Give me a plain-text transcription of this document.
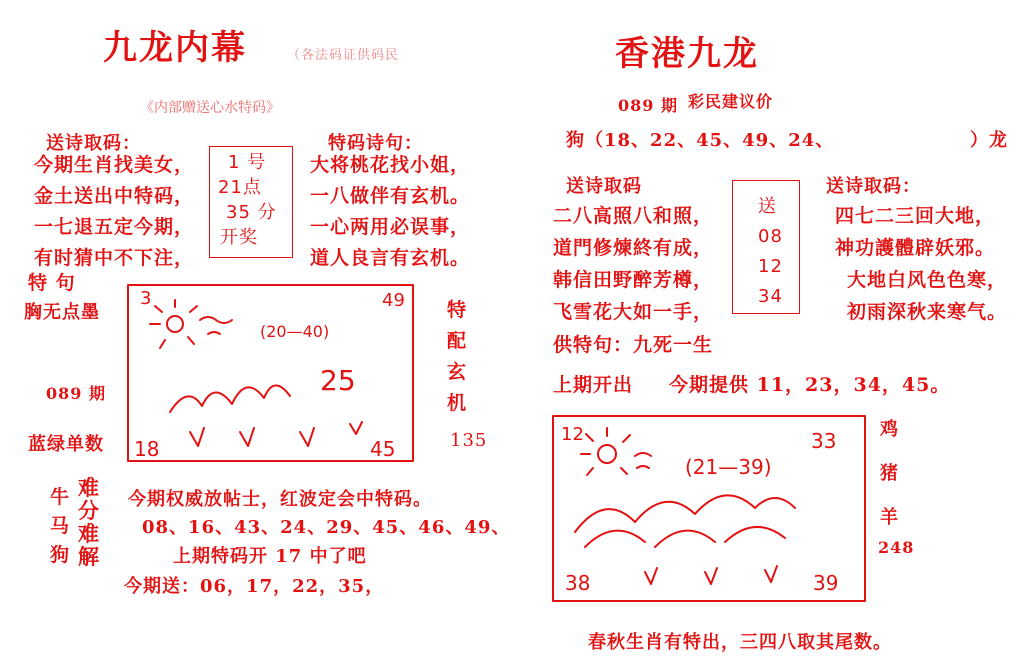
九龙内幕	（各法码证供码民
《内部赠送心水特码》
送诗取码：
今期生肖找美女，
金土送出中特码，
一七退五定今期，
有时猜中不下注，
1 号
21点
35 分
开奖
特码诗句：
大将桃花找小姐，
一八做伴有玄机。
一心两用必误事，
道人良言有玄机。
特 句
胸无点墨
089 期
蓝绿单数
特
配
玄
机
135
3	49
18	45
(20—40)
25
牛
马
狗
难
分
难
解
今期权威放帖士，红波定会中特码。
08、16、43、24、29、45、46、49、
上期特码开 17 中了吧
今期送：06，17，22，35，
香港九龙
089 期 彩民建议价
狗（18、22、45、49、24、	）龙
送诗取码
二八高照八和照，
道門修煉終有成，
韩信田野醉芳樽，
飞雪花大如一手，
送
08
12
34
送诗取码：
四七二三回大地，
神功護體辟妖邪。
大地白风色色寒，
初雨深秋来寒气。
供特句：九死一生
上期开出 今期提供 11，23，34，45。
12	33
38	39
(21—39)
鸡
猪
羊
248
春秋生肖有特出，三四八取其尾数。
